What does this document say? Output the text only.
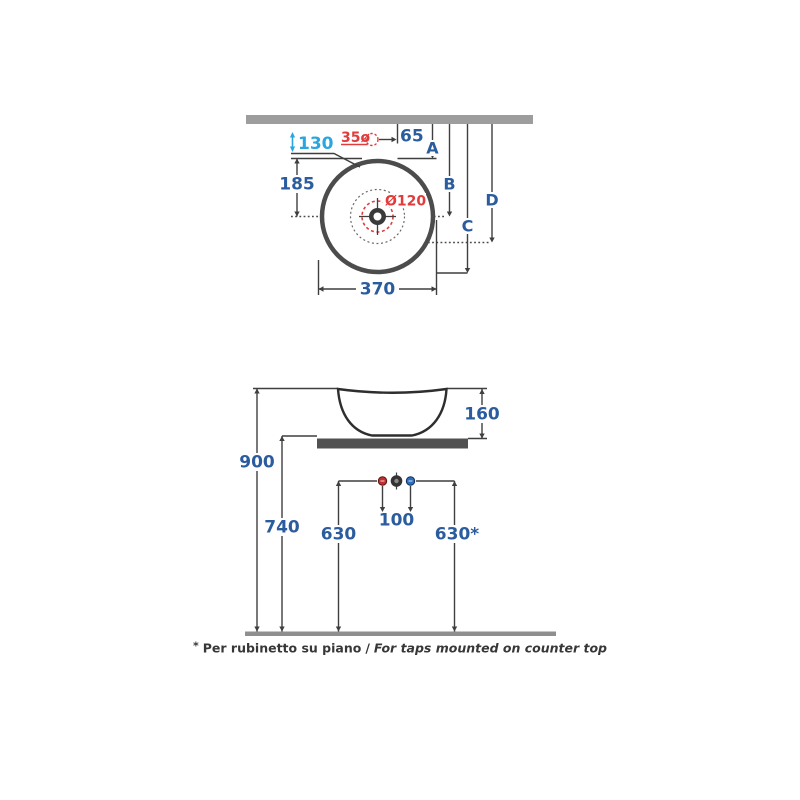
130 35ø 65
185
Ø120
A
B
C
D
370
160
900
740	100
630	630*
* Per rubinetto su piano / For taps mounted on counter top
